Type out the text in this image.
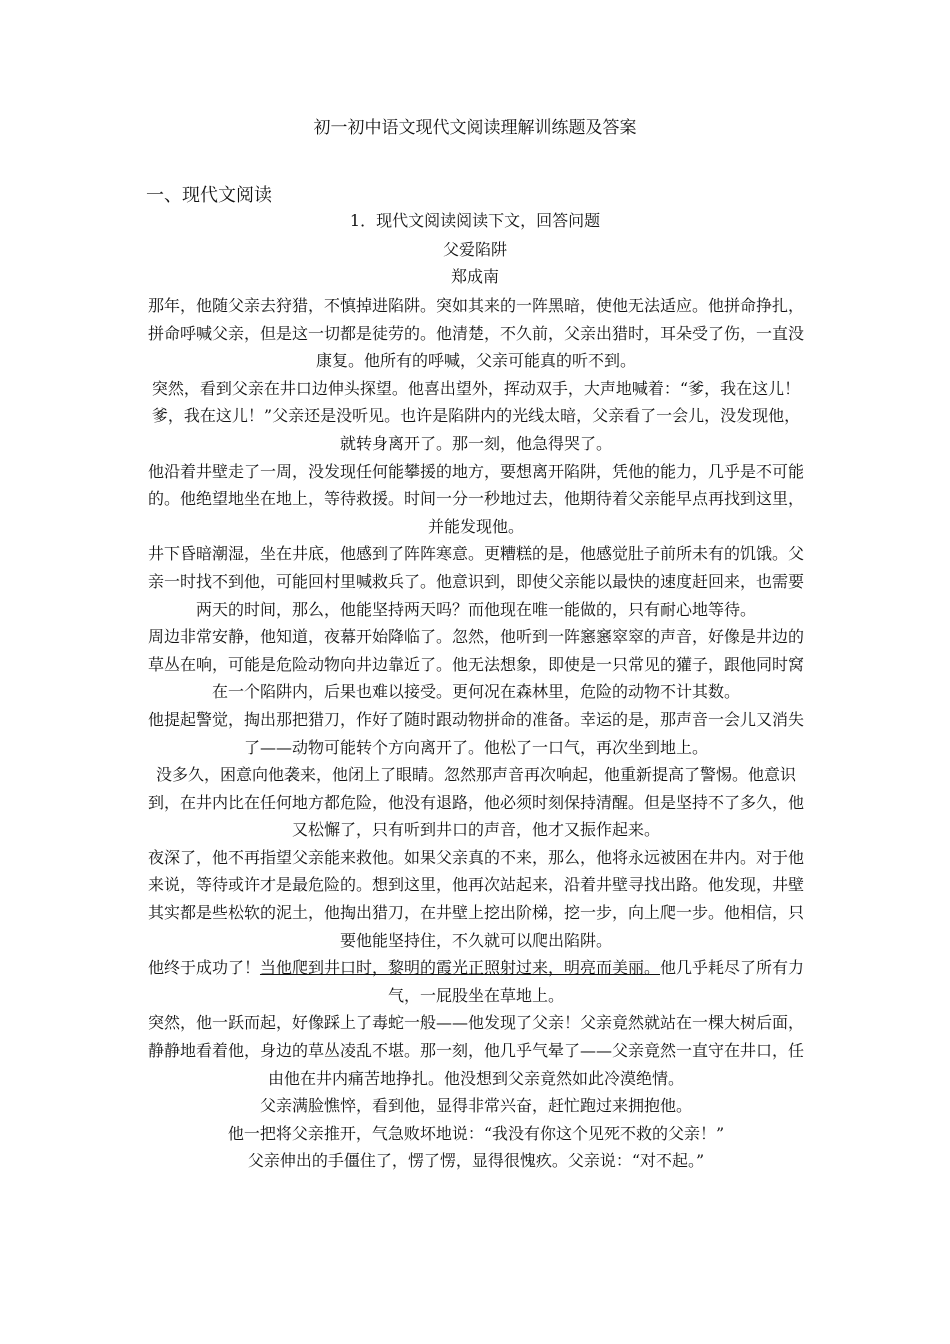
初一初中语文现代文阅读理解训练题及答案
一、现代文阅读
1．现代文阅读阅读下文，回答问题
父爱陷阱
郑成南

那年，他随父亲去狩猎，不慎掉进陷阱。突如其来的一阵黑暗，使他无法适应。他拼命挣扎，拼命呼喊父亲，但是这一切都是徒劳的。他清楚，不久前，父亲出猎时，耳朵受了伤，一直没康复。他所有的呼喊，父亲可能真的听不到。

突然，看到父亲在井口边伸头探望。他喜出望外，挥动双手，大声地喊着：“爹，我在这儿！爹，我在这儿！”父亲还是没听见。也许是陷阱内的光线太暗，父亲看了一会儿，没发现他，就转身离开了。那一刻，他急得哭了。

他沿着井壁走了一周，没发现任何能攀援的地方，要想离开陷阱，凭他的能力，几乎是不可能的。他绝望地坐在地上，等待救援。时间一分一秒地过去，他期待着父亲能早点再找到这里，并能发现他。

井下昏暗潮湿，坐在井底，他感到了阵阵寒意。更糟糕的是，他感觉肚子前所未有的饥饿。父亲一时找不到他，可能回村里喊救兵了。他意识到，即使父亲能以最快的速度赶回来，也需要两天的时间，那么，他能坚持两天吗？而他现在唯一能做的，只有耐心地等待。

周边非常安静，他知道，夜幕开始降临了。忽然，他听到一阵窸窸窣窣的声音，好像是井边的草丛在响，可能是危险动物向井边靠近了。他无法想象，即使是一只常见的獾子，跟他同时窝在一个陷阱内，后果也难以接受。更何况在森林里，危险的动物不计其数。

他提起警觉，掏出那把猎刀，作好了随时跟动物拼命的准备。幸运的是，那声音一会儿又消失了——动物可能转个方向离开了。他松了一口气，再次坐到地上。

没多久，困意向他袭来，他闭上了眼睛。忽然那声音再次响起，他重新提高了警惕。他意识到，在井内比在任何地方都危险，他没有退路，他必须时刻保持清醒。但是坚持不了多久，他又松懈了，只有听到井口的声音，他才又振作起来。

夜深了，他不再指望父亲能来救他。如果父亲真的不来，那么，他将永远被困在井内。对于他来说，等待或许才是最危险的。想到这里，他再次站起来，沿着井壁寻找出路。他发现，井壁其实都是些松软的泥土，他掏出猎刀，在井壁上挖出阶梯，挖一步，向上爬一步。他相信，只要他能坚持住，不久就可以爬出陷阱。

他终于成功了！当他爬到井口时，黎明的霞光正照射过来，明亮而美丽。他几乎耗尽了所有力气，一屁股坐在草地上。

突然，他一跃而起，好像踩上了毒蛇一般——他发现了父亲！父亲竟然就站在一棵大树后面，静静地看着他，身边的草丛凌乱不堪。那一刻，他几乎气晕了——父亲竟然一直守在井口，任由他在井内痛苦地挣扎。他没想到父亲竟然如此冷漠绝情。

父亲满脸憔悴，看到他，显得非常兴奋，赶忙跑过来拥抱他。

他一把将父亲推开，气急败坏地说：“我没有你这个见死不救的父亲！”

父亲伸出的手僵住了，愣了愣，显得很愧疚。父亲说：“对不起。”
